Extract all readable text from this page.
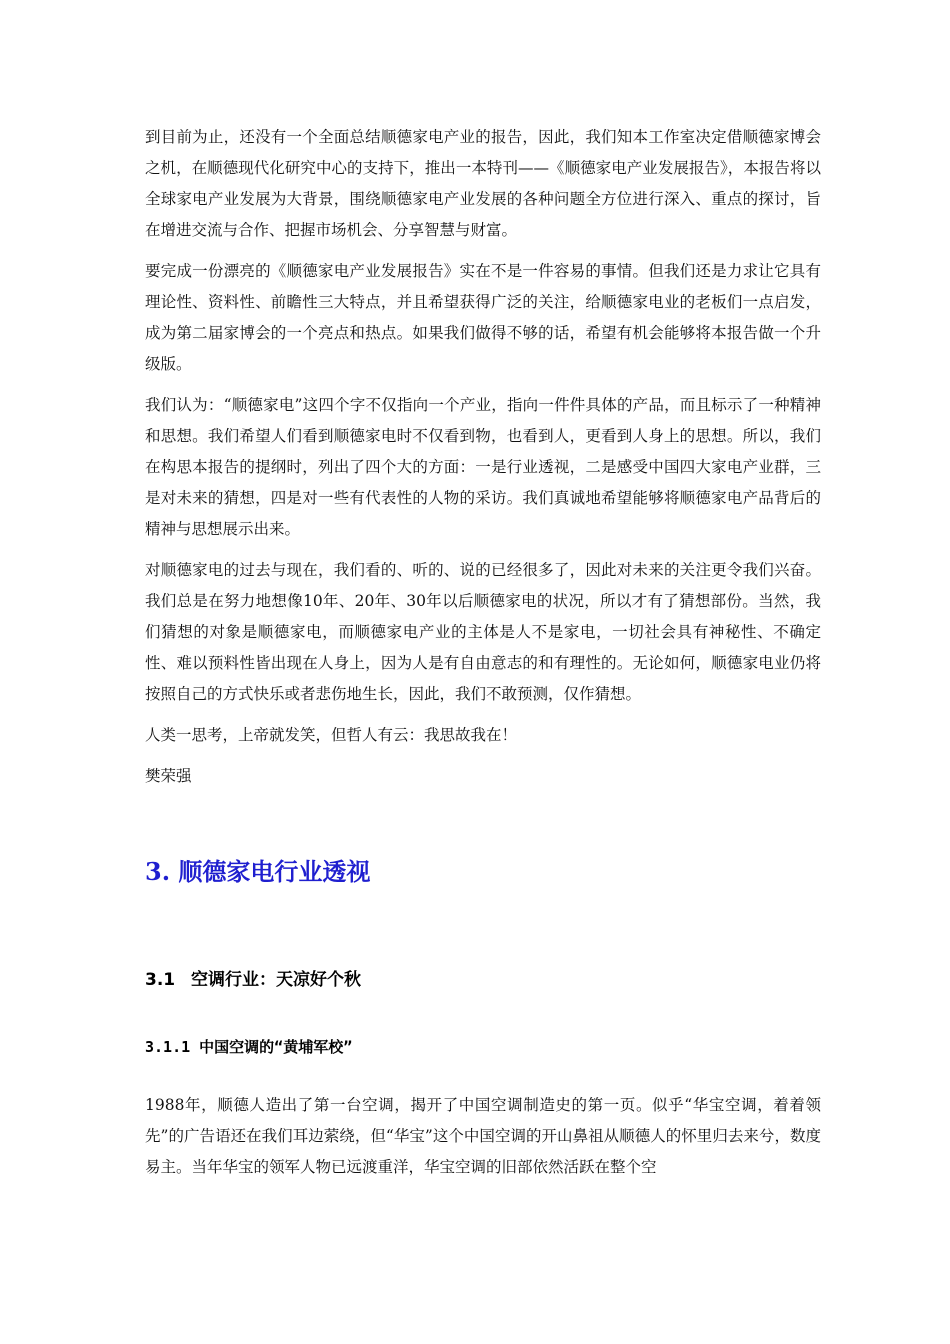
到目前为止，还没有一个全面总结顺德家电产业的报告，因此，我们知本工作室决定借顺德家博会之机，在顺德现代化研究中心的支持下，推出一本特刊——《顺德家电产业发展报告》，本报告将以全球家电产业发展为大背景，围绕顺德家电产业发展的各种问题全方位进行深入、重点的探讨，旨在增进交流与合作、把握市场机会、分享智慧与财富。

要完成一份漂亮的《顺德家电产业发展报告》实在不是一件容易的事情。但我们还是力求让它具有理论性、资料性、前瞻性三大特点，并且希望获得广泛的关注，给顺德家电业的老板们一点启发，成为第二届家博会的一个亮点和热点。如果我们做得不够的话，希望有机会能够将本报告做一个升级版。

我们认为：“顺德家电”这四个字不仅指向一个产业，指向一件件具体的产品，而且标示了一种精神和思想。我们希望人们看到顺德家电时不仅看到物，也看到人，更看到人身上的思想。所以，我们在构思本报告的提纲时，列出了四个大的方面：一是行业透视，二是感受中国四大家电产业群，三是对未来的猜想，四是对一些有代表性的人物的采访。我们真诚地希望能够将顺德家电产品背后的精神与思想展示出来。

对顺德家电的过去与现在，我们看的、听的、说的已经很多了，因此对未来的关注更令我们兴奋。我们总是在努力地想像10年、20年、30年以后顺德家电的状况，所以才有了猜想部份。当然，我们猜想的对象是顺德家电，而顺德家电产业的主体是人不是家电，一切社会具有神秘性、不确定性、难以预料性皆出现在人身上，因为人是有自由意志的和有理性的。无论如何，顺德家电业仍将按照自己的方式快乐或者悲伤地生长，因此，我们不敢预测，仅作猜想。

人类一思考，上帝就发笑，但哲人有云：我思故我在！

樊荣强

3. 顺德家电行业透视
3.1 空调行业：天凉好个秋
3.1.1 中国空调的“黄埔军校”

1988年，顺德人造出了第一台空调，揭开了中国空调制造史的第一页。似乎“华宝空调，着着领先”的广告语还在我们耳边萦绕，但“华宝”这个中国空调的开山鼻祖从顺德人的怀里归去来兮，数度易主。当年华宝的领军人物已远渡重洋，华宝空调的旧部依然活跃在整个空
